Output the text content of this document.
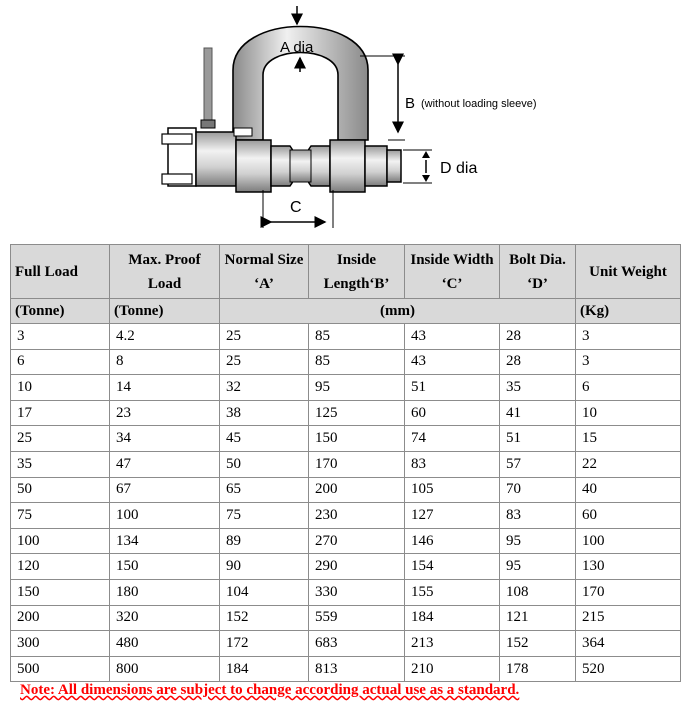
A dia
B (without loading sleeve)
D dia
C
Full Load	Max. Proof Load	Normal Size ‘A’	Inside Length‘B’	Inside Width ‘C’	Bolt Dia. ‘D’	Unit Weight
(Tonne)	(Tonne)	(mm)				(Kg)
3	4.2	25	85	43	28	3
6	8	25	85	43	28	3
10	14	32	95	51	35	6
17	23	38	125	60	41	10
25	34	45	150	74	51	15
35	47	50	170	83	57	22
50	67	65	200	105	70	40
75	100	75	230	127	83	60
100	134	89	270	146	95	100
120	150	90	290	154	95	130
150	180	104	330	155	108	170
200	320	152	559	184	121	215
300	480	172	683	213	152	364
500	800	184	813	210	178	520
Note: All dimensions are subject to change according actual use as a standard.
